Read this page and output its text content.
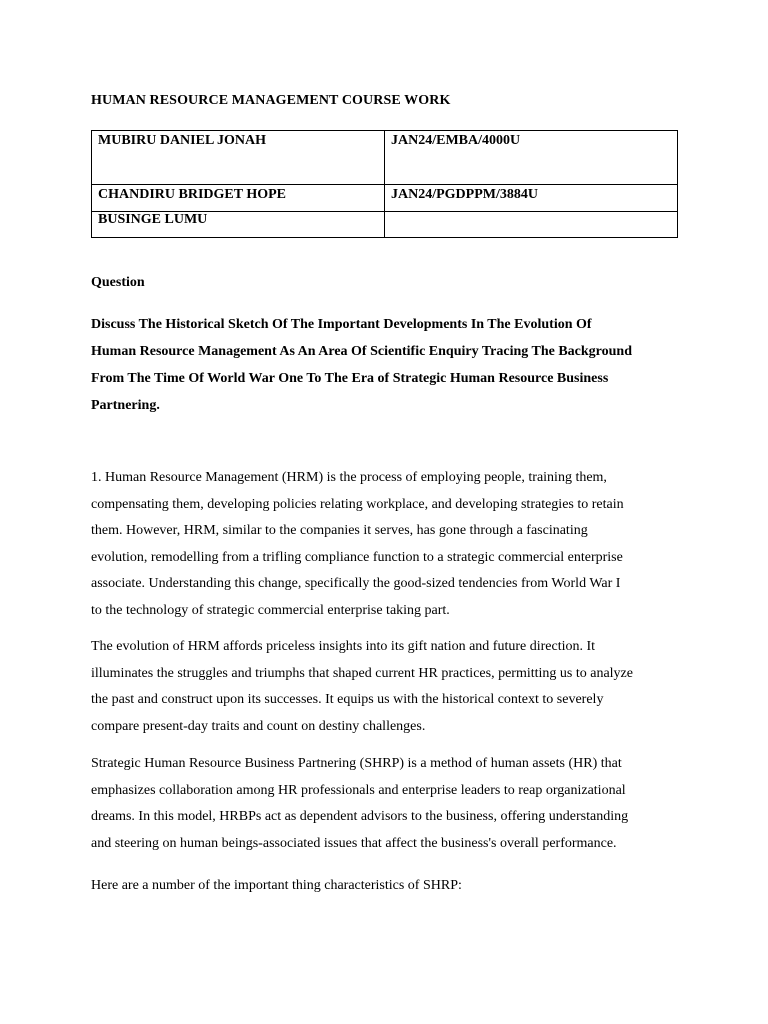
HUMAN RESOURCE MANAGEMENT COURSE WORK
MUBIRU DANIEL JONAH	JAN24/EMBA/4000U
CHANDIRU BRIDGET HOPE	JAN24/PGDPPM/3884U
BUSINGE LUMU	
Question
Discuss The Historical Sketch Of The Important Developments In The Evolution Of
Human Resource Management As An Area Of Scientific Enquiry Tracing The Background
From The Time Of World War One To The Era of Strategic Human Resource Business
Partnering.
1. Human Resource Management (HRM) is the process of employing people, training them,
compensating them, developing policies relating workplace, and developing strategies to retain
them. However, HRM, similar to the companies it serves, has gone through a fascinating
evolution, remodelling from a trifling compliance function to a strategic commercial enterprise
associate. Understanding this change, specifically the good-sized tendencies from World War I
to the technology of strategic commercial enterprise taking part.
The evolution of HRM affords priceless insights into its gift nation and future direction. It
illuminates the struggles and triumphs that shaped current HR practices, permitting us to analyze
the past and construct upon its successes. It equips us with the historical context to severely
compare present-day traits and count on destiny challenges.
Strategic Human Resource Business Partnering (SHRP) is a method of human assets (HR) that
emphasizes collaboration among HR professionals and enterprise leaders to reap organizational
dreams. In this model, HRBPs act as dependent advisors to the business, offering understanding
and steering on human beings-associated issues that affect the business's overall performance.
Here are a number of the important thing characteristics of SHRP:
